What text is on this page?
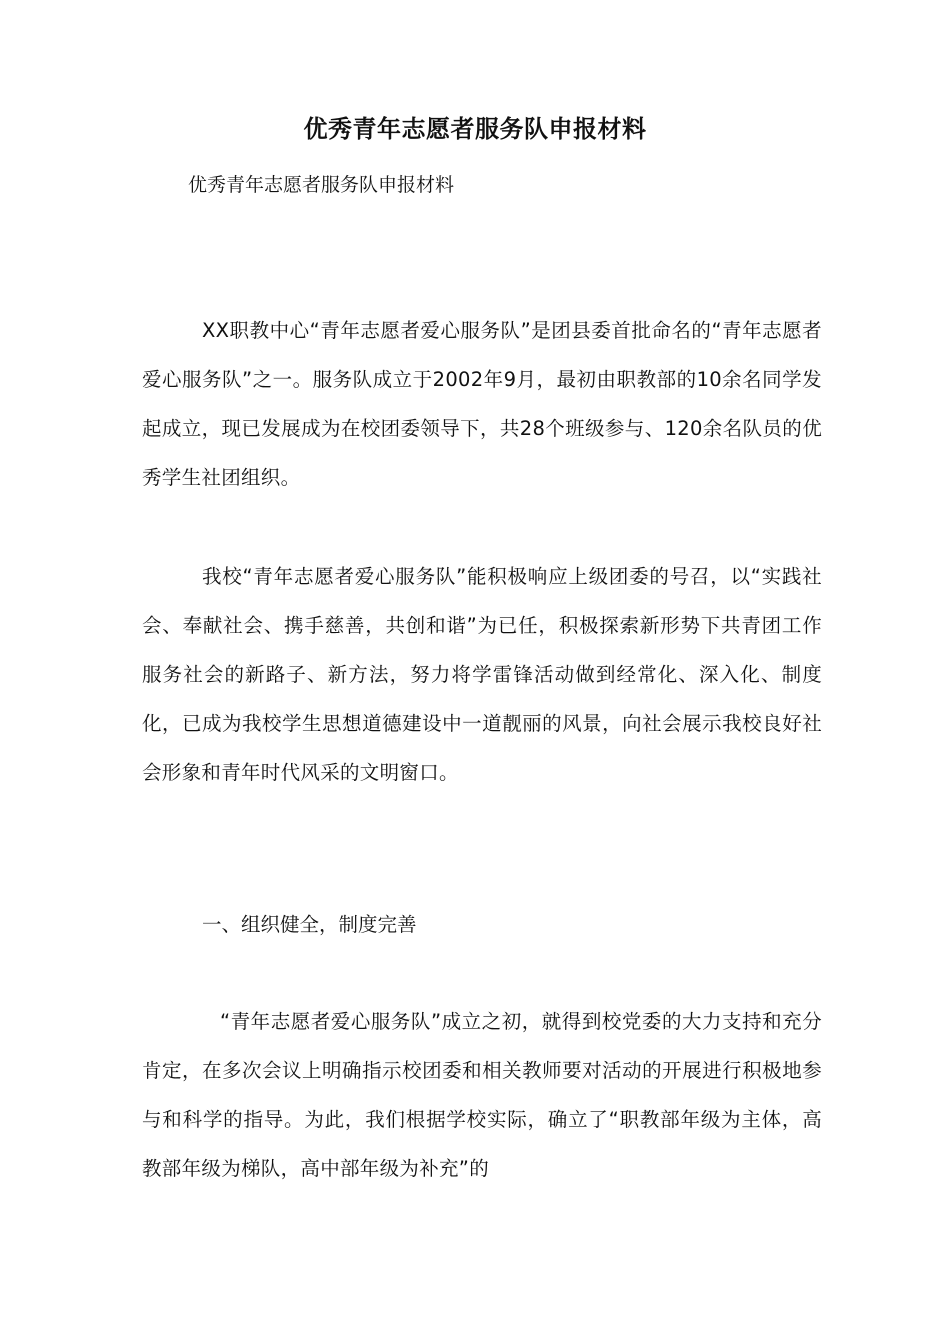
优秀青年志愿者服务队申报材料
优秀青年志愿者服务队申报材料

XX职教中心“青年志愿者爱心服务队”是团县委首批命名的“青年志愿者爱心服务队”之一。服务队成立于2002年9月，最初由职教部的10余名同学发起成立，现已发展成为在校团委领导下，共28个班级参与、120余名队员的优秀学生社团组织。

我校“青年志愿者爱心服务队”能积极响应上级团委的号召，以“实践社会、奉献社会、携手慈善，共创和谐”为已任，积极探索新形势下共青团工作服务社会的新路子、新方法，努力将学雷锋活动做到经常化、深入化、制度化，已成为我校学生思想道德建设中一道靓丽的风景，向社会展示我校良好社会形象和青年时代风采的文明窗口。

一、组织健全，制度完善

“青年志愿者爱心服务队”成立之初，就得到校党委的大力支持和充分肯定，在多次会议上明确指示校团委和相关教师要对活动的开展进行积极地参与和科学的指导。为此，我们根据学校实际，确立了“职教部年级为主体，高教部年级为梯队，高中部年级为补充”的
